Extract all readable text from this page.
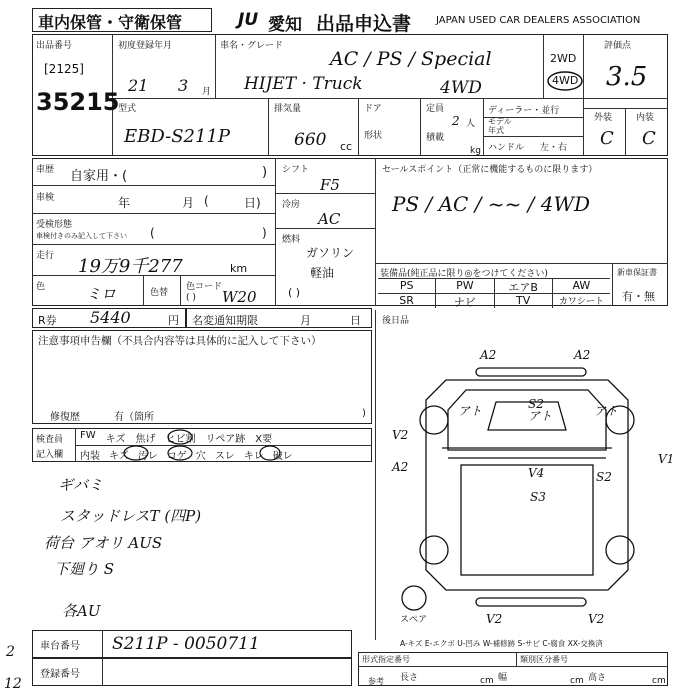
車内保管・守衛保管	JU 愛知 出品申込書 JAPAN USED CAR DEALERS ASSOCIATION
出品番号
[2125]
35215
初度登録年月
21 3 月
車名・グレード
AC / PS / Special
HIJET · Truck	4WD
2WD
4WD
評価点
3.5
外装	内装
C C
型式
EBD-S211P
排気量
660 cc
ドア
形状
定員
2 人
積載
kg
ディーラー・並行
モデル
年式
ハンドル 左・右
車歴 自家用・(	)
車検	年	月 (	日)
受検形態
車検付きのみ記入して下さい (	)
走行 19万9千277	km
色	ミロ	色替
色コード
W20
( )
シフト
F5
冷房
AC
燃料
ガソリン
軽油
( )
セールスポイント（正常に機能するものに限ります）
PS / AC / ~~ / 4WD
装備品(純正品に限り◎をつけてください)
PS	PW	エアB	AW
SR	ナビ	TV	カワシート
新車保証書
有・無
R券 5440	円 名変通知期限	月	日
注意事項申告欄（不具合内容等は具体的に記入して下さい）
修復歴	有（箇所	)
後日品
検査員
記入欄
FW キズ 焦げ ヒビ割 リペア跡 X要
内装 キズ 汚レ コゲ 穴 スレ キレ 破レ
ギバミ
スタッドレスT (四P)
荷台 アオリ AUS
下廻り S
各AU
A2	A2
アト	S2
アト	アト
V2
V1
A2	V4	S2
S3
V2	V2
スペア
A-キズ E-エクボ U-凹み W-補修跡 S-サビ C-腐食 XX-交換済
車台番号 S211P - 0050711
登録番号
形式指定番号	類別区分番号
参考 長さ	cm 幅	cm 高さ	cm
2
12
